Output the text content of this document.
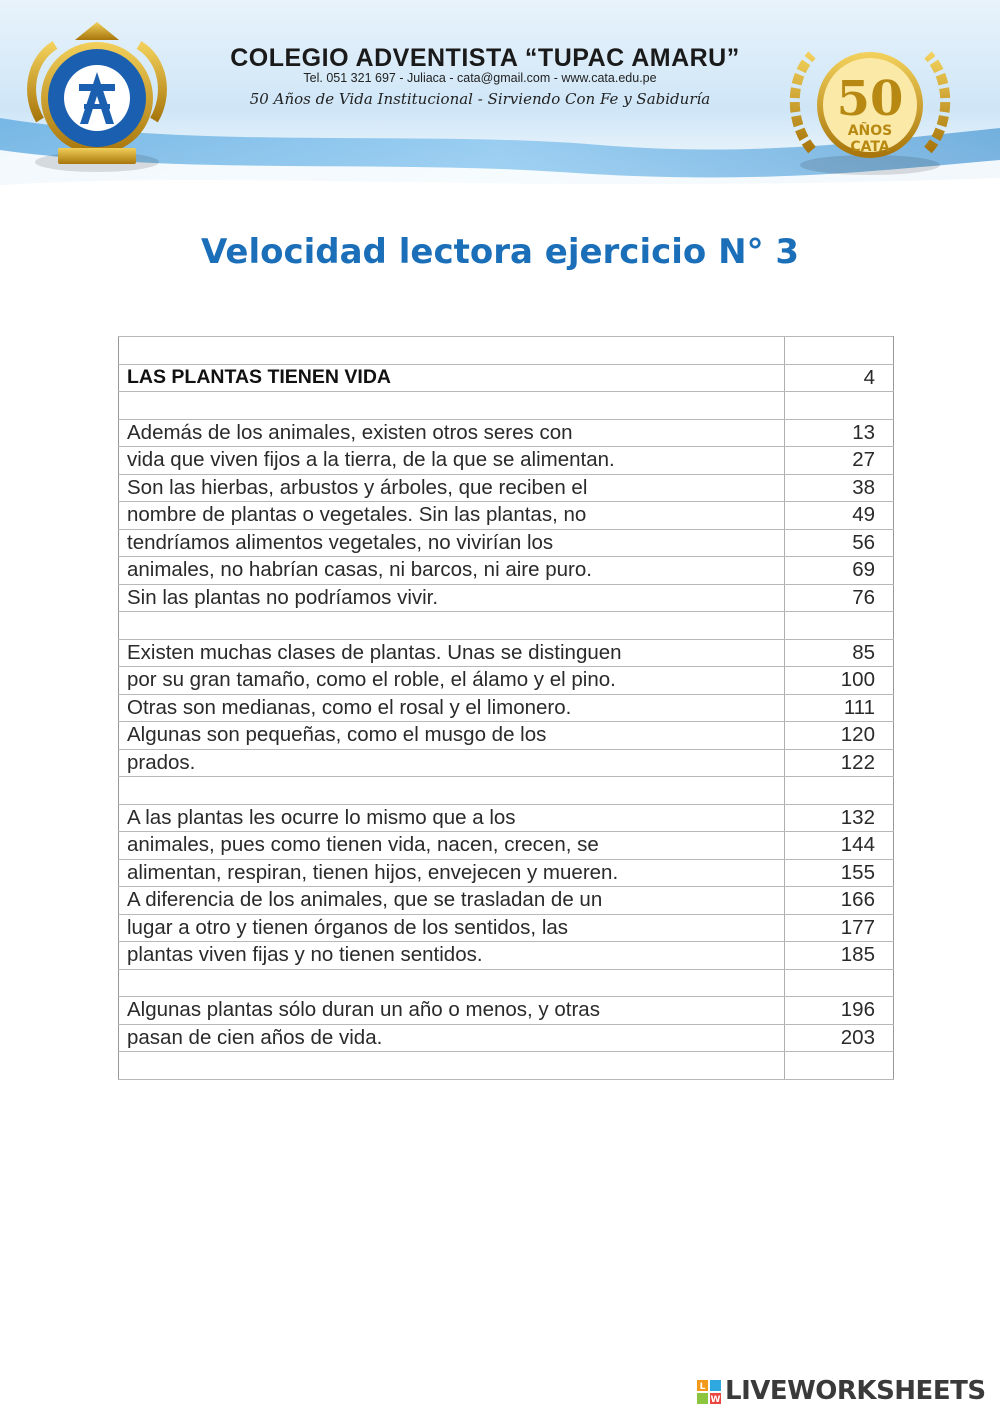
50
AÑOS
CATA
COLEGIO ADVENTISTA “TUPAC AMARU”
Tel. 051 321 697 - Juliaca - cata@gmail.com - www.cata.edu.pe
50 Años de Vida Institucional - Sirviendo Con Fe y Sabiduría
Velocidad lectora ejercicio N° 3

LAS PLANTAS TIENEN VIDA	4

Además de los animales, existen otros seres con	13
vida que viven fijos a la tierra, de la que se alimentan.	27
Son las hierbas, arbustos y árboles, que reciben el	38
nombre de plantas o vegetales. Sin las plantas, no	49
tendríamos alimentos vegetales, no vivirían los	56
animales, no habrían casas, ni barcos, ni aire puro.	69
Sin las plantas no podríamos vivir.	76

Existen muchas clases de plantas. Unas se distinguen	85
por su gran tamaño, como el roble, el álamo y el pino.	100
Otras son medianas, como el rosal y el limonero.	111
Algunas son pequeñas, como el musgo de los	120
prados.	122

A las plantas les ocurre lo mismo que a los	132
animales, pues como tienen vida, nacen, crecen, se	144
alimentan, respiran, tienen hijos, envejecen y mueren.	155
A diferencia de los animales, que se trasladan de un	166
lugar a otro y tienen órganos de los sentidos, las	177
plantas viven fijas y no tienen sentidos.	185

Algunas plantas sólo duran un año o menos, y otras	196
pasan de cien años de vida.	203

L
W LIVEWORKSHEETS
